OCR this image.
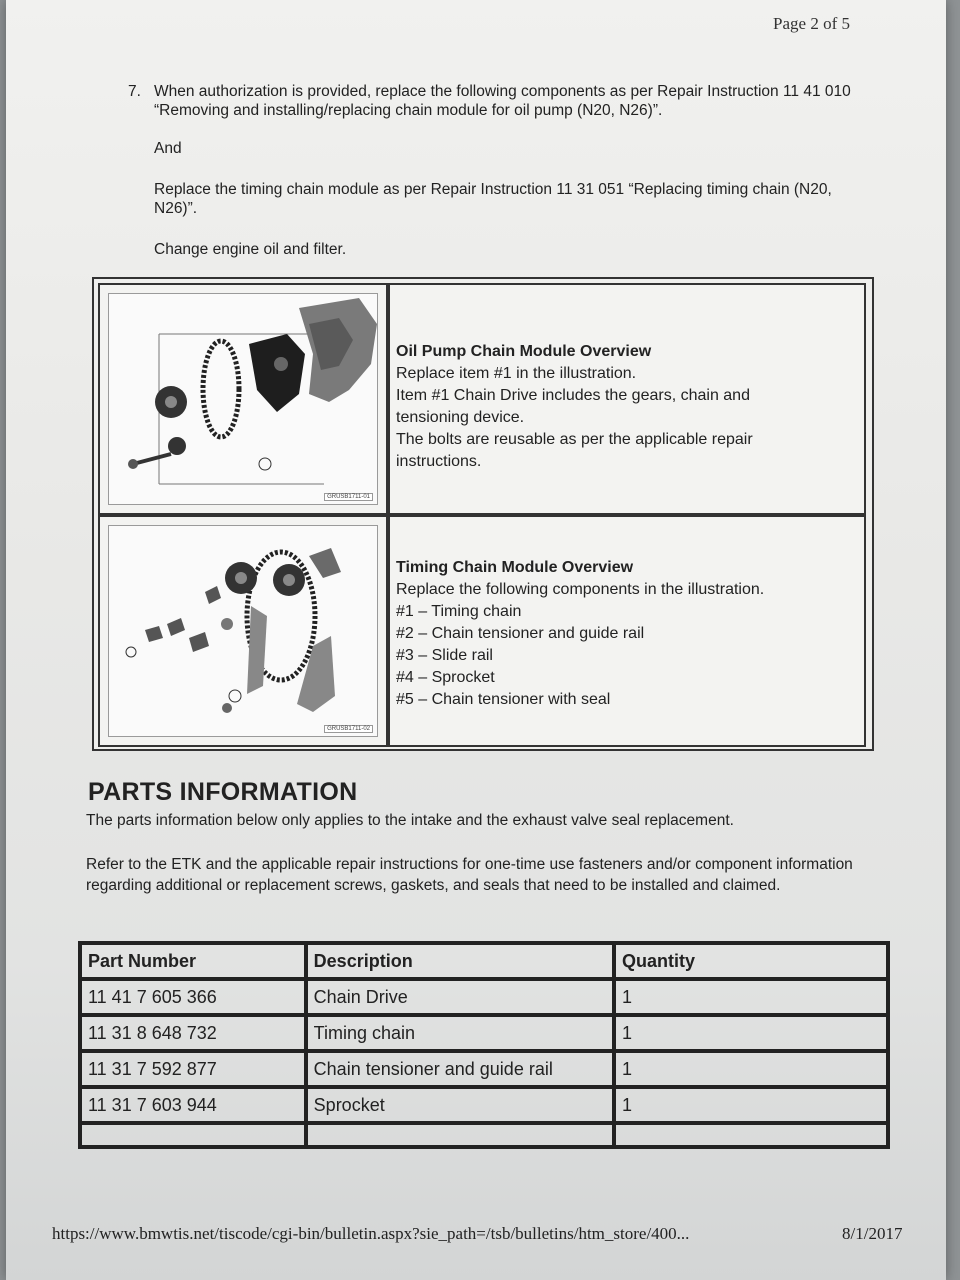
Page 2 of 5
7. When authorization is provided, replace the following components as per Repair Instruction 11 41 010 “Removing and installing/replacing chain module for oil pump (N20, N26)”.

And

Replace the timing chain module as per Repair Instruction 11 31 051 “Replacing timing chain (N20, N26)”.

Change engine oil and filter.

GRUSB1711-01
Oil Pump Chain Module Overview
Replace item #1 in the illustration.
Item #1 Chain Drive includes the gears, chain and
tensioning device.
The bolts are reusable as per the applicable repair
instructions.
GRUSB1711-02
Timing Chain Module Overview
Replace the following components in the illustration.
#1 – Timing chain
#2 – Chain tensioner and guide rail
#3 – Slide rail
#4 – Sprocket
#5 – Chain tensioner with seal
PARTS INFORMATION

The parts information below only applies to the intake and the exhaust valve seal replacement.

Refer to the ETK and the applicable repair instructions for one-time use fasteners and/or component information regarding additional or replacement screws, gaskets, and seals that need to be installed and claimed.

Part Number	Description	Quantity
11 41 7 605 366	Chain Drive	1
11 31 8 648 732	Timing chain	1
11 31 7 592 877	Chain tensioner and guide rail	1
11 31 7 603 944	Sprocket	1

https://www.bmwtis.net/tiscode/cgi-bin/bulletin.aspx?sie_path=/tsb/bulletins/htm_store/400...	8/1/2017
